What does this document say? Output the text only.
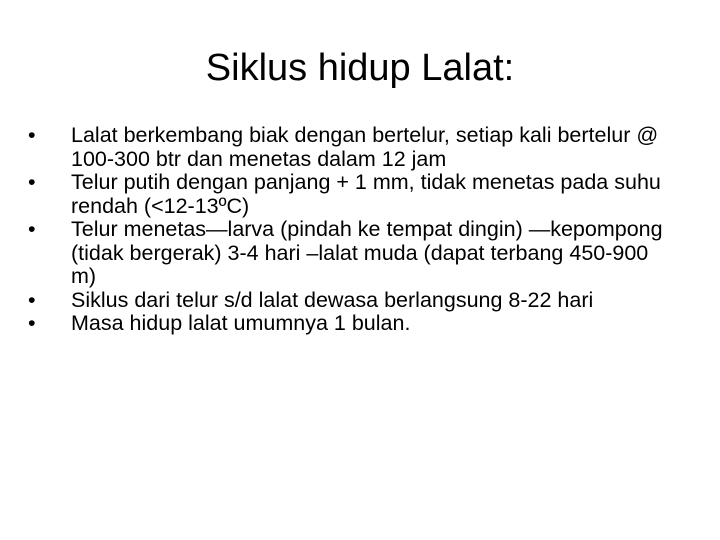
Siklus hidup Lalat:
•	Lalat berkembang biak dengan bertelur, setiap kali bertelur @ 100-300 btr dan menetas dalam 12 jam
•	Telur putih dengan panjang + 1 mm, tidak menetas pada suhu rendah (<12-13ºC)
•	Telur menetas—larva (pindah ke tempat dingin) —kepompong (tidak bergerak) 3-4 hari –lalat muda (dapat terbang 450-900 m)
•	Siklus dari telur s/d lalat dewasa berlangsung 8-22 hari
•	Masa hidup lalat umumnya 1 bulan.
